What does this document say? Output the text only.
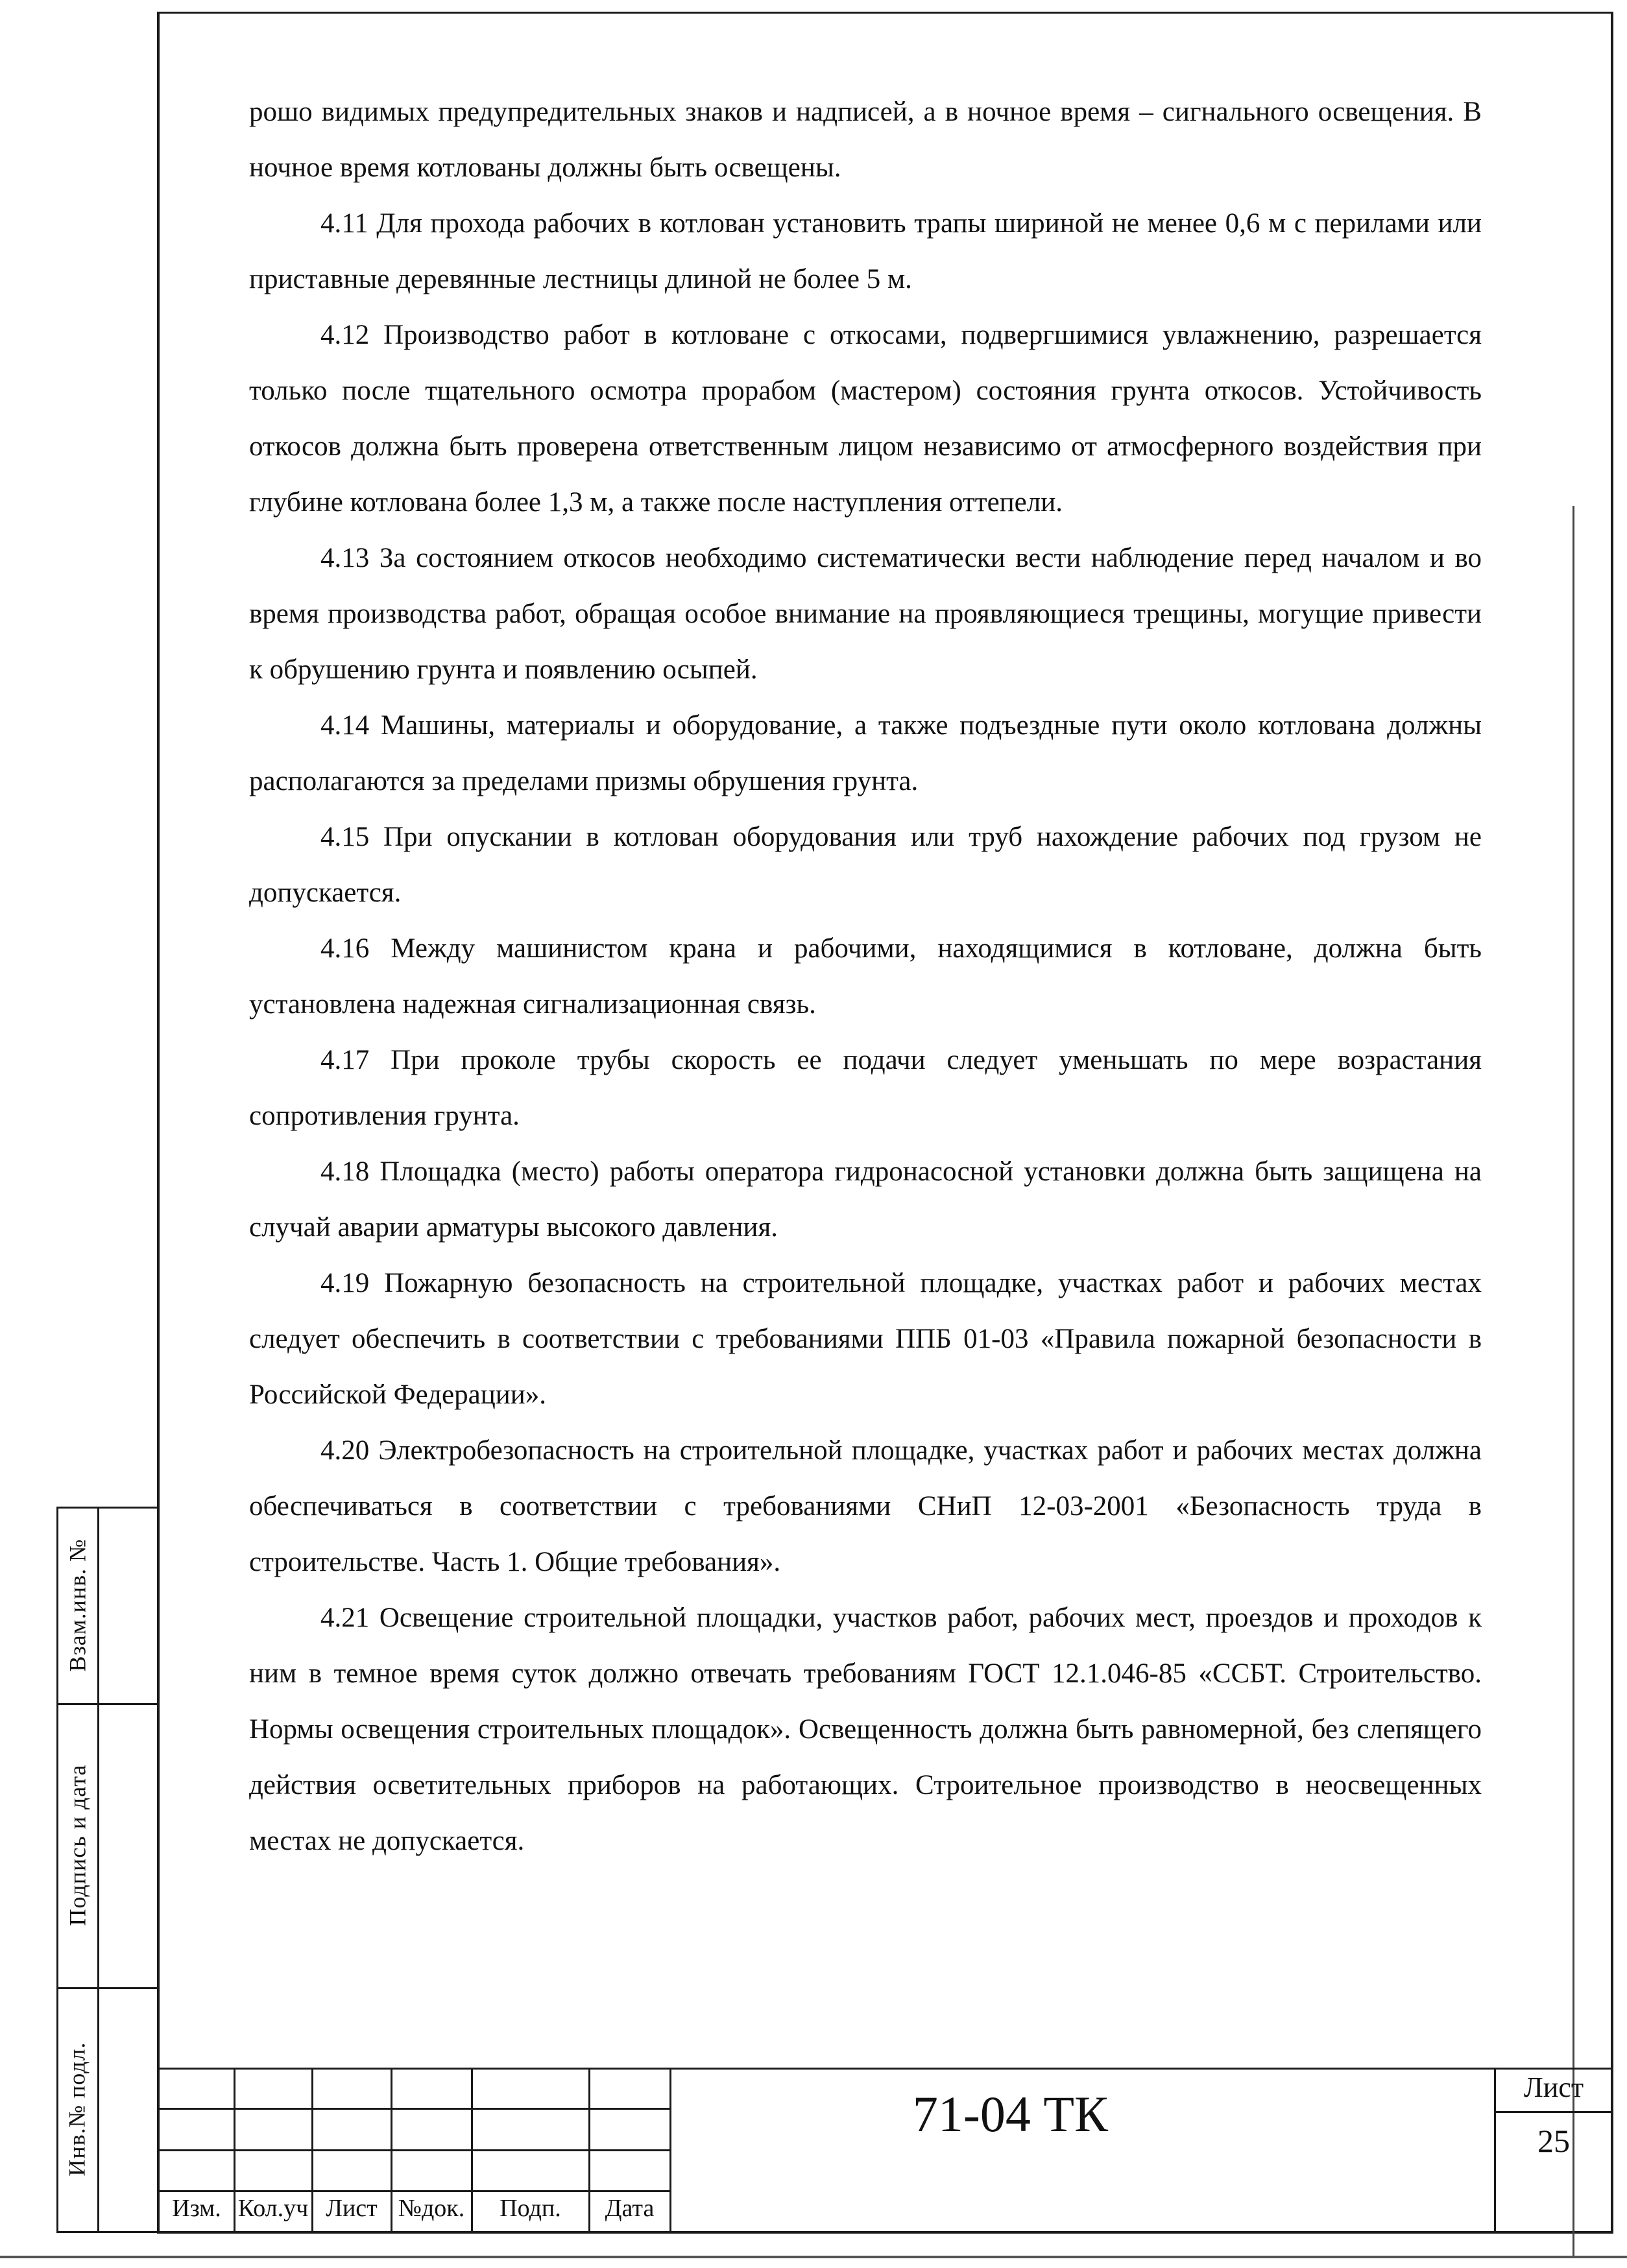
Взам.инв. №
Подпись и дата
Инв.№ подл.

рошо видимых предупредительных знаков и надписей, а в ночное время – сигнального освещения. В ночное время котлованы должны быть освещены.

4.11 Для прохода рабочих в котлован установить трапы шириной не менее 0,6 м с перилами или приставные деревянные лестницы длиной не более 5 м.

4.12 Производство работ в котловане с откосами, подвергшимися увлажнению, разрешается только после тщательного осмотра прорабом (мастером) состояния грунта откосов. Устойчивость откосов должна быть проверена ответственным лицом независимо от атмосферного воздействия при глубине котлована более 1,3 м, а также после наступления оттепели.

4.13 За состоянием откосов необходимо систематически вести наблюдение перед началом и во время производства работ, обращая особое внимание на проявляющиеся трещины, могущие привести к обрушению грунта и появлению осыпей.

4.14 Машины, материалы и оборудование, а также подъездные пути около котлована должны располагаются за пределами призмы обрушения грунта.

4.15 При опускании в котлован оборудования или труб нахождение рабочих под грузом не допускается.

4.16 Между машинистом крана и рабочими, находящимися в котловане, должна быть установлена надежная сигнализационная связь.

4.17 При проколе трубы скорость ее подачи следует уменьшать по мере возрастания сопротивления грунта.

4.18 Площадка (место) работы оператора гидронасосной установки должна быть защищена на случай аварии арматуры высокого давления.

4.19 Пожарную безопасность на строительной площадке, участках работ и рабочих местах следует обеспечить в соответствии с требованиями ППБ 01-03 «Правила пожарной безопасности в Российской Федерации».

4.20 Электробезопасность на строительной площадке, участках работ и рабочих местах должна обеспечиваться в соответствии с требованиями СНиП 12-03-2001 «Безопасность труда в строительстве. Часть 1. Общие требования».

4.21 Освещение строительной площадки, участков работ, рабочих мест, проездов и проходов к ним в темное время суток должно отвечать требованиям ГОСТ 12.1.046-85 «ССБТ. Строительство. Нормы освещения строительных площадок». Освещенность должна быть равномерной, без слепящего действия осветительных приборов на работающих. Строительное производство в неосвещенных местах не допускается.

Изм. Кол.уч Лист №док.	Подп.	Дата
71-04 ТК	Лист
25
